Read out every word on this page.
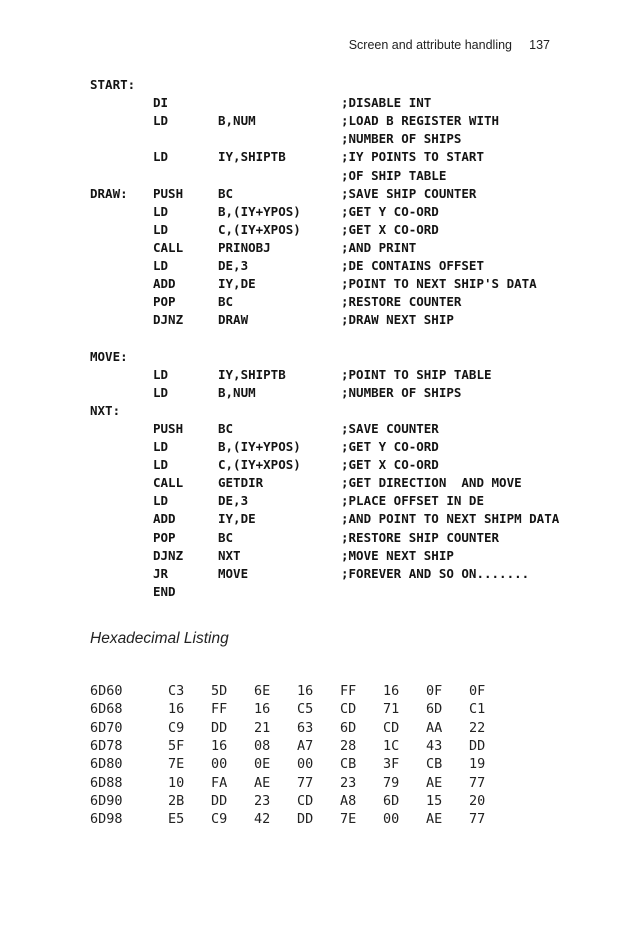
Screen and attribute handling 137
START:
DI	;DISABLE INT
LD	B,NUM	;LOAD B REGISTER WITH
;NUMBER OF SHIPS
LD	IY,SHIPTB	;IY POINTS TO START
;OF SHIP TABLE
DRAW: PUSH	BC	;SAVE SHIP COUNTER
LD	B,(IY+YPOS)	;GET Y CO-ORD
LD	C,(IY+XPOS)	;GET X CO-ORD
CALL	PRINOBJ	;AND PRINT
LD	DE,3	;DE CONTAINS OFFSET
ADD	IY,DE	;POINT TO NEXT SHIP'S DATA
POP	BC	;RESTORE COUNTER
DJNZ	DRAW	;DRAW NEXT SHIP
MOVE:
LD	IY,SHIPTB	;POINT TO SHIP TABLE
LD	B,NUM	;NUMBER OF SHIPS
NXT:
PUSH	BC	;SAVE COUNTER
LD	B,(IY+YPOS)	;GET Y CO-ORD
LD	C,(IY+XPOS)	;GET X CO-ORD
CALL	GETDIR	;GET DIRECTION  AND MOVE
LD	DE,3	;PLACE OFFSET IN DE
ADD	IY,DE	;AND POINT TO NEXT SHIPM DATA
POP	BC	;RESTORE SHIP COUNTER
DJNZ	NXT	;MOVE NEXT SHIP
JR	MOVE	;FOREVER AND SO ON.......
END
Hexadecimal Listing
6D60	C3 5D 6E 16 FF 16 0F 0F
6D68	16 FF 16 C5 CD 71 6D C1
6D70	C9 DD 21 63 6D CD AA 22
6D78	5F 16 08 A7 28 1C 43 DD
6D80	7E 00 0E 00 CB 3F CB 19
6D88	10 FA AE 77 23 79 AE 77
6D90	2B DD 23 CD A8 6D 15 20
6D98	E5 C9 42 DD 7E 00 AE 77
